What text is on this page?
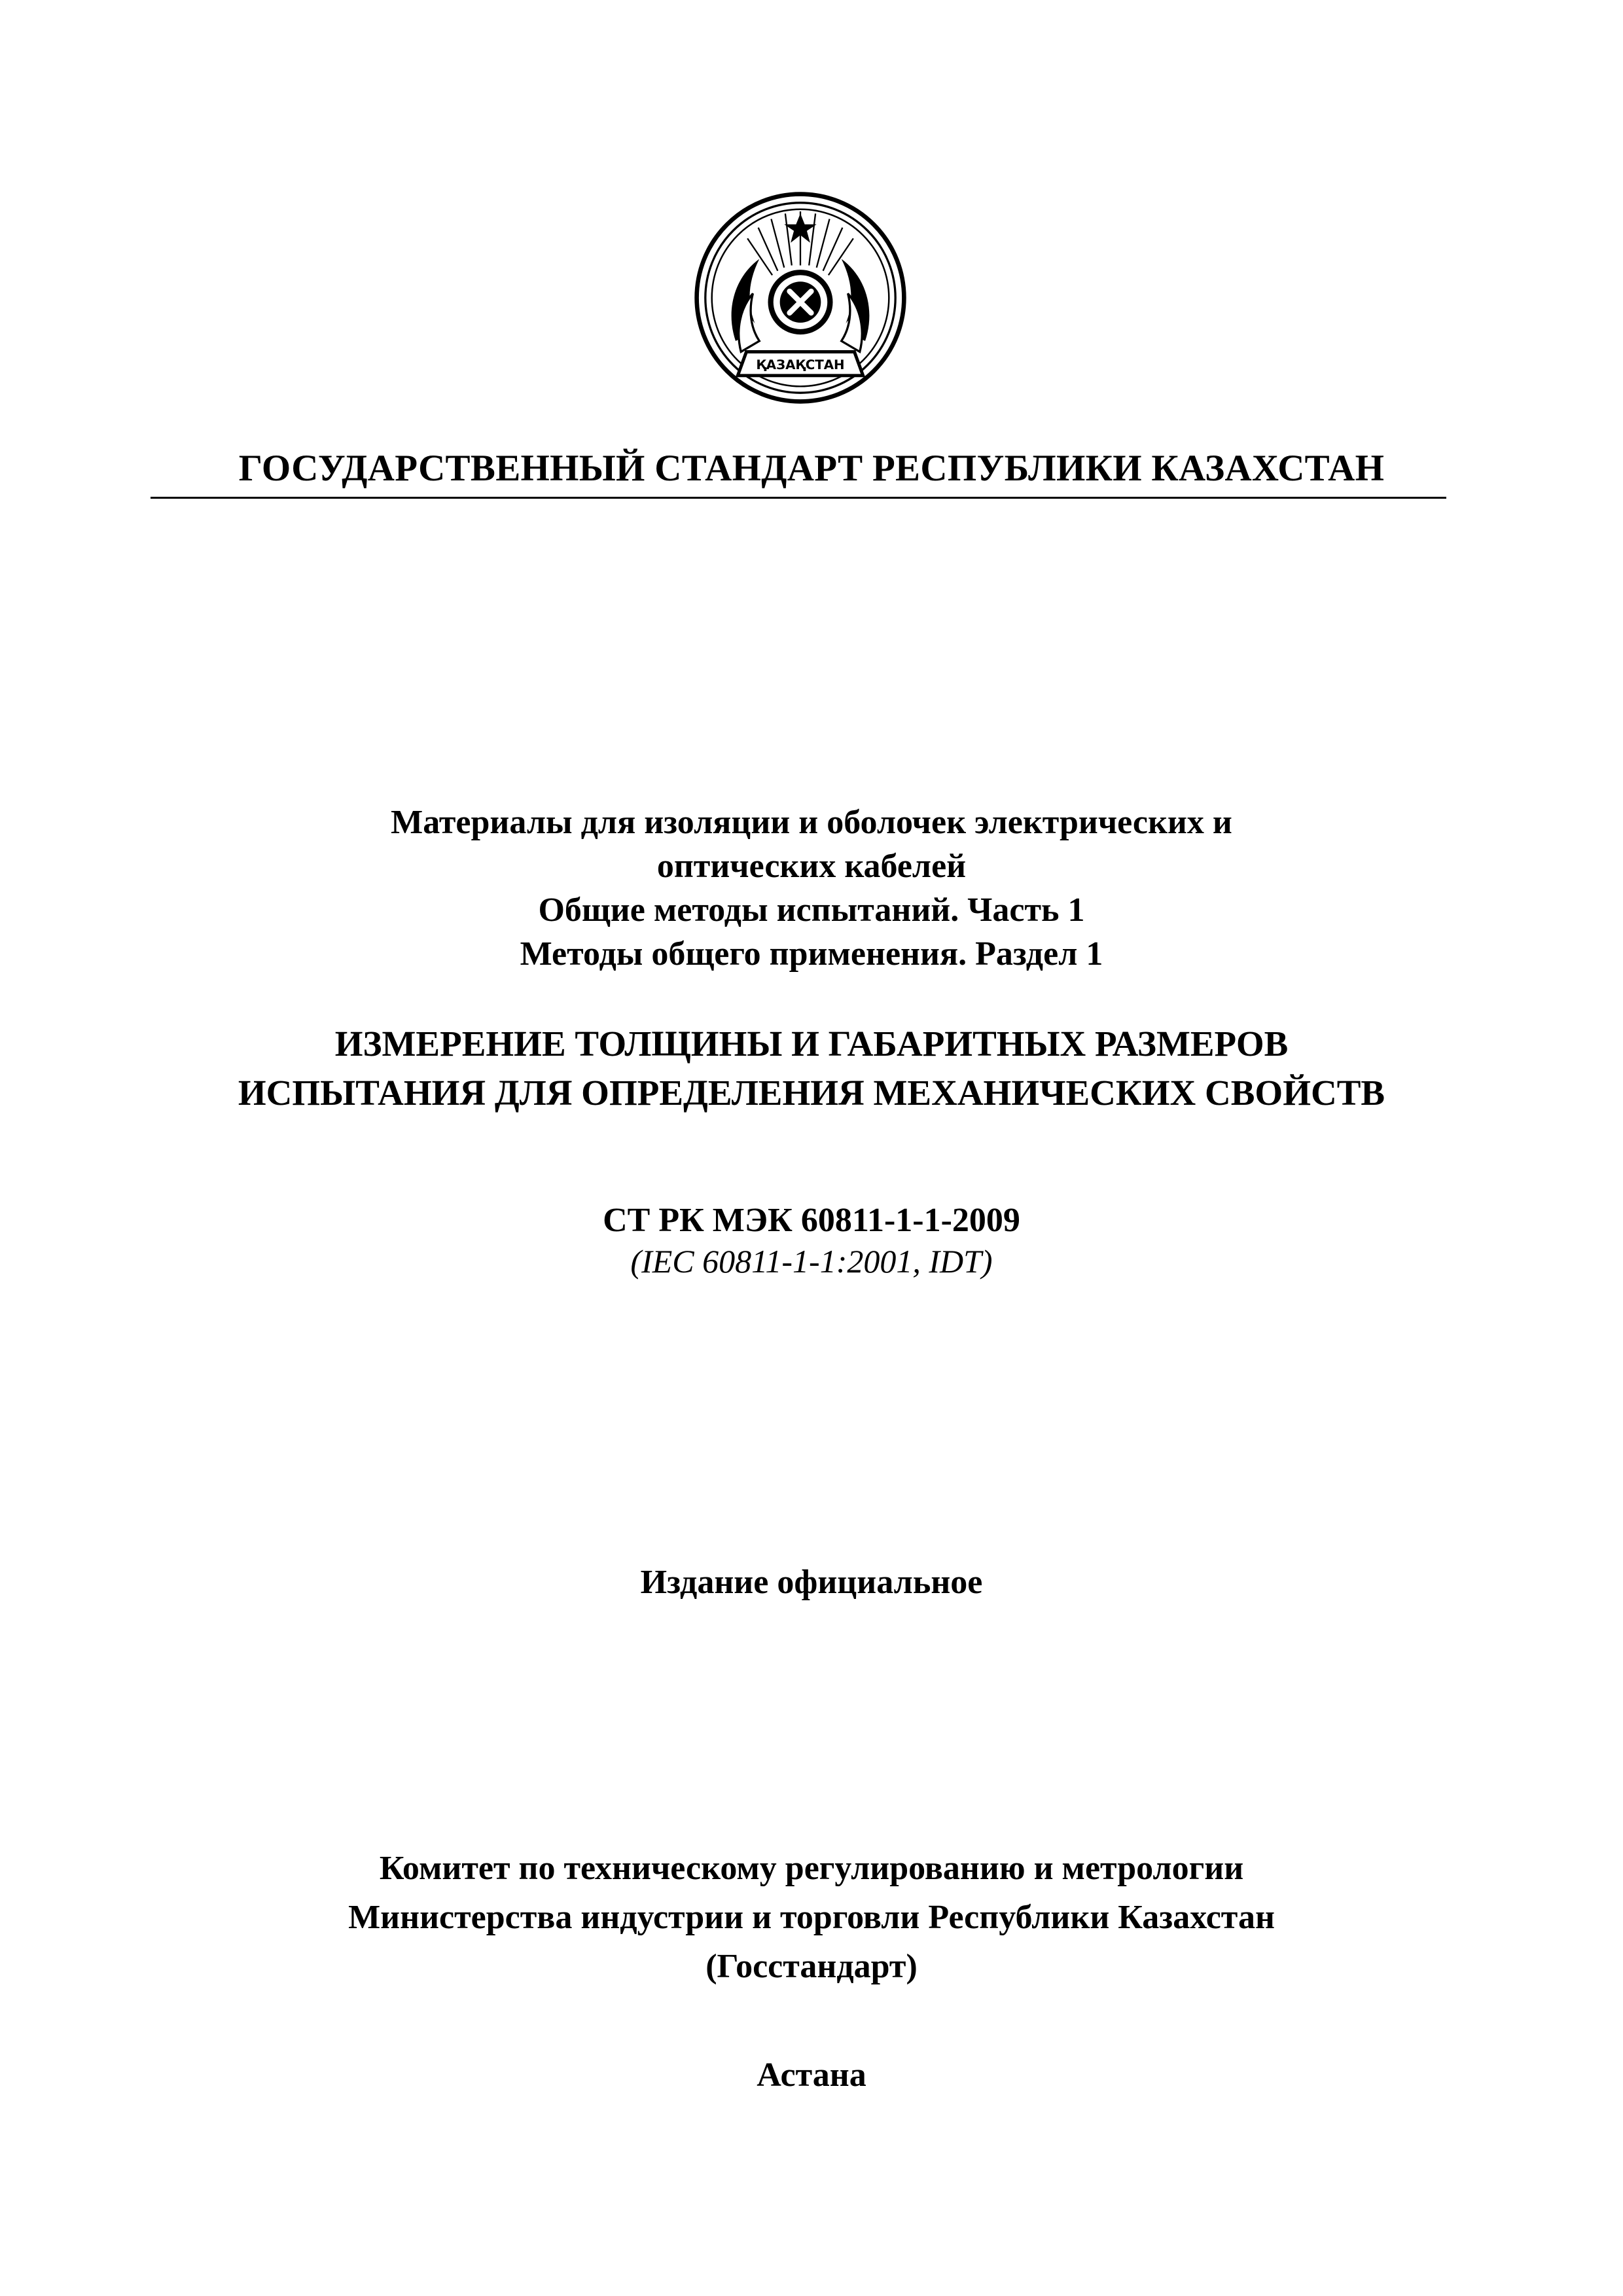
ҚАЗАҚСТАН
ГОСУДАРСТВЕННЫЙ СТАНДАРТ РЕСПУБЛИКИ КАЗАХСТАН
Материалы для изоляции и оболочек электрических и
оптических кабелей
Общие методы испытаний. Часть 1
Методы общего применения. Раздел 1
ИЗМЕРЕНИЕ ТОЛЩИНЫ И ГАБАРИТНЫХ РАЗМЕРОВ
ИСПЫТАНИЯ ДЛЯ ОПРЕДЕЛЕНИЯ МЕХАНИЧЕСКИХ СВОЙСТВ
СТ РК МЭК 60811-1-1-2009
(IEC 60811-1-1:2001, IDT)
Издание официальное
Комитет по техническому регулированию и метрологии
Министерства индустрии и торговли Республики Казахстан
(Госстандарт)
Астана
